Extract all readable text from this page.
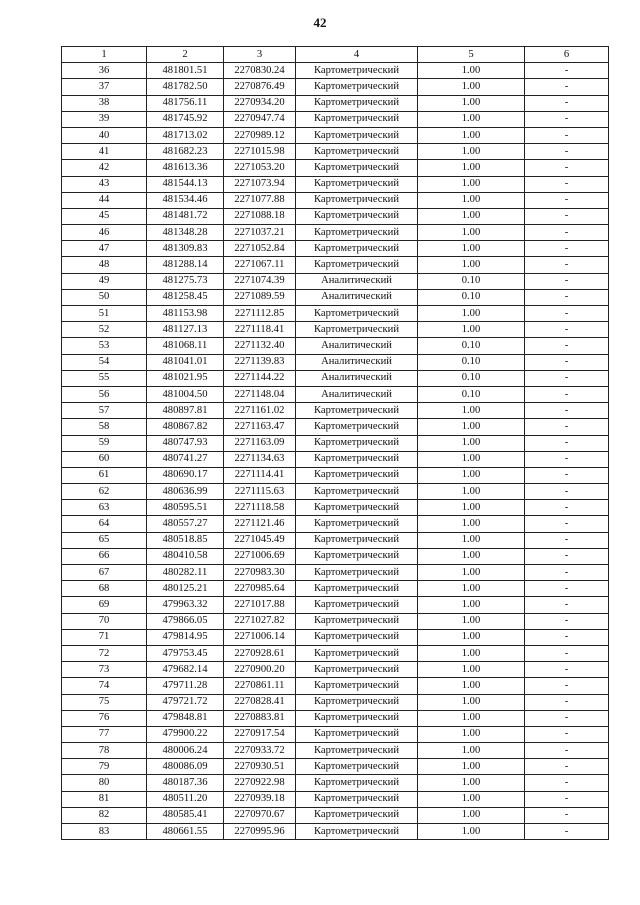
42
1	2	3	4	5	6
36	481801.51	2270830.24	Картометрический	1.00	-
37	481782.50	2270876.49	Картометрический	1.00	-
38	481756.11	2270934.20	Картометрический	1.00	-
39	481745.92	2270947.74	Картометрический	1.00	-
40	481713.02	2270989.12	Картометрический	1.00	-
41	481682.23	2271015.98	Картометрический	1.00	-
42	481613.36	2271053.20	Картометрический	1.00	-
43	481544.13	2271073.94	Картометрический	1.00	-
44	481534.46	2271077.88	Картометрический	1.00	-
45	481481.72	2271088.18	Картометрический	1.00	-
46	481348.28	2271037.21	Картометрический	1.00	-
47	481309.83	2271052.84	Картометрический	1.00	-
48	481288.14	2271067.11	Картометрический	1.00	-
49	481275.73	2271074.39	Аналитический	0.10	-
50	481258.45	2271089.59	Аналитический	0.10	-
51	481153.98	2271112.85	Картометрический	1.00	-
52	481127.13	2271118.41	Картометрический	1.00	-
53	481068.11	2271132.40	Аналитический	0.10	-
54	481041.01	2271139.83	Аналитический	0.10	-
55	481021.95	2271144.22	Аналитический	0.10	-
56	481004.50	2271148.04	Аналитический	0.10	-
57	480897.81	2271161.02	Картометрический	1.00	-
58	480867.82	2271163.47	Картометрический	1.00	-
59	480747.93	2271163.09	Картометрический	1.00	-
60	480741.27	2271134.63	Картометрический	1.00	-
61	480690.17	2271114.41	Картометрический	1.00	-
62	480636.99	2271115.63	Картометрический	1.00	-
63	480595.51	2271118.58	Картометрический	1.00	-
64	480557.27	2271121.46	Картометрический	1.00	-
65	480518.85	2271045.49	Картометрический	1.00	-
66	480410.58	2271006.69	Картометрический	1.00	-
67	480282.11	2270983.30	Картометрический	1.00	-
68	480125.21	2270985.64	Картометрический	1.00	-
69	479963.32	2271017.88	Картометрический	1.00	-
70	479866.05	2271027.82	Картометрический	1.00	-
71	479814.95	2271006.14	Картометрический	1.00	-
72	479753.45	2270928.61	Картометрический	1.00	-
73	479682.14	2270900.20	Картометрический	1.00	-
74	479711.28	2270861.11	Картометрический	1.00	-
75	479721.72	2270828.41	Картометрический	1.00	-
76	479848.81	2270883.81	Картометрический	1.00	-
77	479900.22	2270917.54	Картометрический	1.00	-
78	480006.24	2270933.72	Картометрический	1.00	-
79	480086.09	2270930.51	Картометрический	1.00	-
80	480187.36	2270922.98	Картометрический	1.00	-
81	480511.20	2270939.18	Картометрический	1.00	-
82	480585.41	2270970.67	Картометрический	1.00	-
83	480661.55	2270995.96	Картометрический	1.00	-
